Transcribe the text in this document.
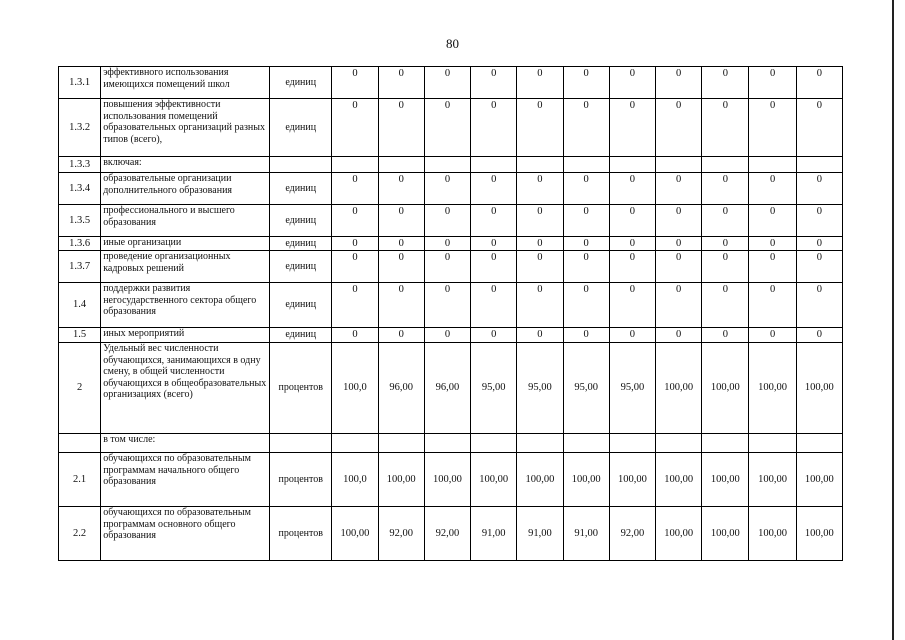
80
1.3.1	эффективного использования имеющихся помещений школ	единиц	0	0	0	0	0	0	0	0	0	0	0
1.3.2	повышения эффективности использования помещений образовательных организаций разных типов (всего),	единиц	0	0	0	0	0	0	0	0	0	0	0
1.3.3	включая:												
1.3.4	образовательные организации дополнительного образования	единиц	0	0	0	0	0	0	0	0	0	0	0
1.3.5	профессионального и высшего образования	единиц	0	0	0	0	0	0	0	0	0	0	0
1.3.6	иные организации	единиц	0	0	0	0	0	0	0	0	0	0	0
1.3.7	проведение организационных кадровых решений	единиц	0	0	0	0	0	0	0	0	0	0	0
1.4	поддержки развития негосударственного сектора общего образования	единиц	0	0	0	0	0	0	0	0	0	0	0
1.5	иных мероприятий	единиц	0	0	0	0	0	0	0	0	0	0	0
2	Удельный вес численности обучающихся, занимающихся в одну смену, в общей численности обучающихся в общеобразовательных организациях (всего)	процентов	100,0	96,00	96,00	95,00	95,00	95,00	95,00	100,00	100,00	100,00	100,00
	в том числе:												
2.1	обучающихся по образовательным программам начального общего образования	процентов	100,0	100,00	100,00	100,00	100,00	100,00	100,00	100,00	100,00	100,00	100,00
2.2	обучающихся по образовательным программам основного общего образования	процентов	100,00	92,00	92,00	91,00	91,00	91,00	92,00	100,00	100,00	100,00	100,00
